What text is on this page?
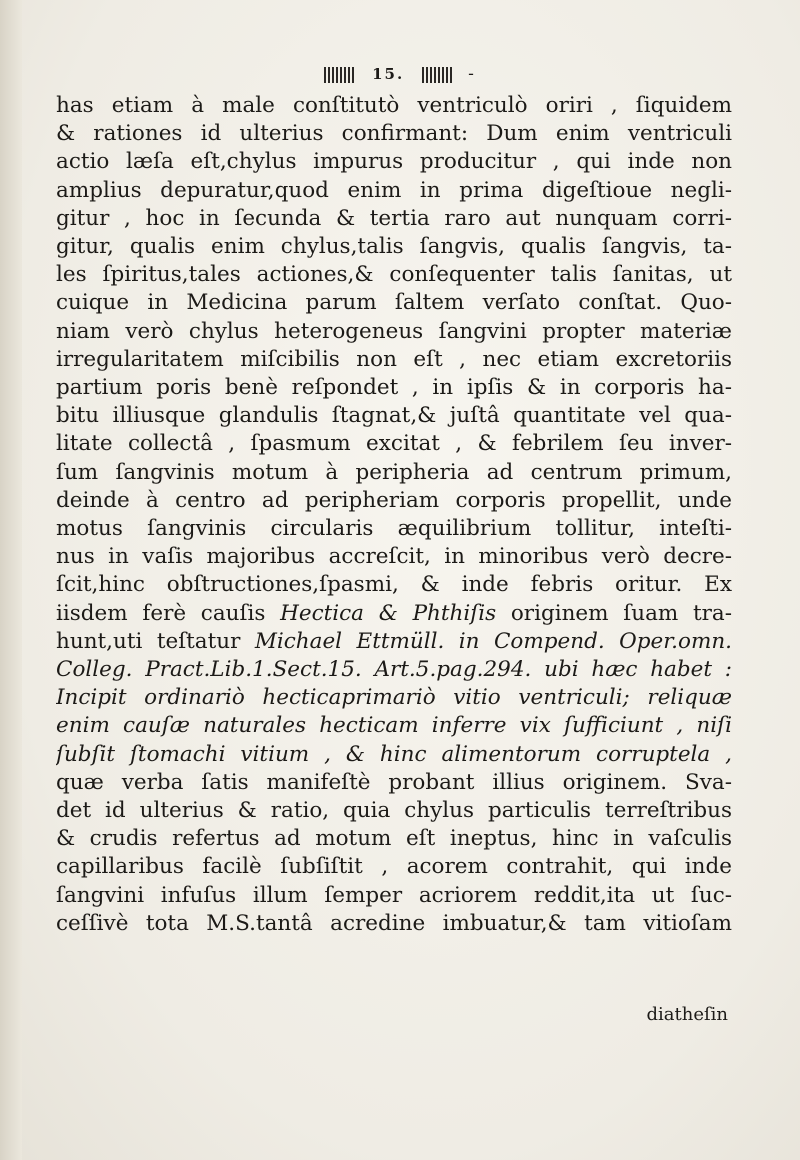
15.	-
has etiam à male conſtitutò ventriculò oriri , ſiquidem
& rationes id ulterius confirmant: Dum enim ventriculi
actio læſa eſt,chylus impurus producitur , qui inde non
amplius depuratur,quod enim in prima digeſtioue negli-
gitur , hoc in ſecunda & tertia raro aut nunquam corri-
gitur, qualis enim chylus,talis ſangvis, qualis ſangvis, ta-
les ſpiritus,tales actiones,& conſequenter talis ſanitas, ut
cuique in Medicina parum ſaltem verſato conſtat. Quo-
niam verò chylus heterogeneus ſangvini propter materiæ
irregularitatem miſcibilis non eſt , nec etiam excretoriis
partium poris benè reſpondet , in ipſis & in corporis ha-
bitu illiusque glandulis ſtagnat,& juſtâ quantitate vel qua-
litate collectâ , ſpasmum excitat , & febrilem ſeu inver-
ſum ſangvinis motum à peripheria ad centrum primum,
deinde à centro ad peripheriam corporis propellit, unde
motus ſangvinis circularis æquilibrium tollitur, inteſti-
nus in vaſis majoribus accreſcit, in minoribus verò decre-
ſcit,hinc obſtructiones,ſpasmi, & inde febris oritur. Ex
iisdem ferè cauſis Hectica & Phthiſis originem ſuam tra-
hunt,uti teſtatur Michael Ettmüll. in Compend. Oper.omn.
Colleg. Pract.Lib.1.Sect.15. Art.5.pag.294. ubi hæc habet :
Incipit ordinariò hecticaprimariò vitio ventriculi; reliquæ
enim cauſæ naturales hecticam inferre vix ſufficiunt , niſi
ſubſit ſtomachi vitium , & hinc alimentorum corruptela ,
quæ verba ſatis manifeſtè probant illius originem. Sva-
det id ulterius & ratio, quia chylus particulis terreſtribus
& crudis refertus ad motum eſt ineptus, hinc in vaſculis
capillaribus facilè ſubſiſtit , acorem contrahit, qui inde
ſangvini infuſus illum ſemper acriorem reddit,ita ut ſuc-
ceſſivè tota M.S.tantâ acredine imbuatur,& tam vitioſam
diatheſin
